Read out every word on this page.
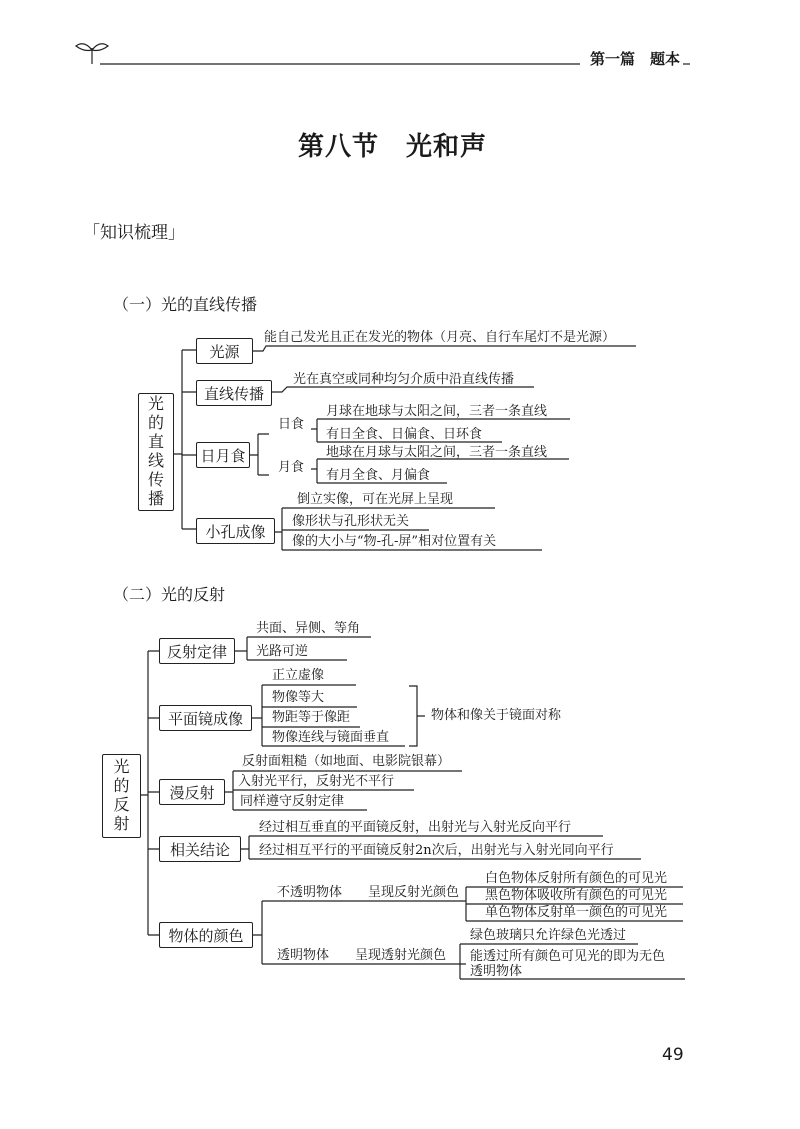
第一篇　题本
第八节　光和声
「知识梳理」
（一）光的直线传播
光
的
直
线
传
播
光源
能自己发光且正在发光的物体（月亮、自行车尾灯不是光源）
直线传播
光在真空或同种均匀介质中沿直线传播
日月食
日食
月食
月球在地球与太阳之间，三者一条直线
有日全食、日偏食、日环食
地球在月球与太阳之间，三者一条直线
有月全食、月偏食
小孔成像
倒立实像，可在光屏上呈现
像形状与孔形状无关
像的大小与“物-孔-屏”相对位置有关
（二）光的反射
光
的
反
射
反射定律
共面、异侧、等角
光路可逆
平面镜成像
正立虚像
物像等大
物距等于像距
物像连线与镜面垂直
物体和像关于镜面对称
漫反射
反射面粗糙（如地面、电影院银幕）
入射光平行，反射光不平行
同样遵守反射定律
相关结论
经过相互垂直的平面镜反射，出射光与入射光反向平行
经过相互平行的平面镜反射2n次后，出射光与入射光同向平行
物体的颜色
不透明物体 呈现反射光颜色
白色物体反射所有颜色的可见光
黑色物体吸收所有颜色的可见光
单色物体反射单一颜色的可见光
透明物体 呈现透射光颜色
绿色玻璃只允许绿色光透过
能透过所有颜色可见光的即为无色
透明物体
49
